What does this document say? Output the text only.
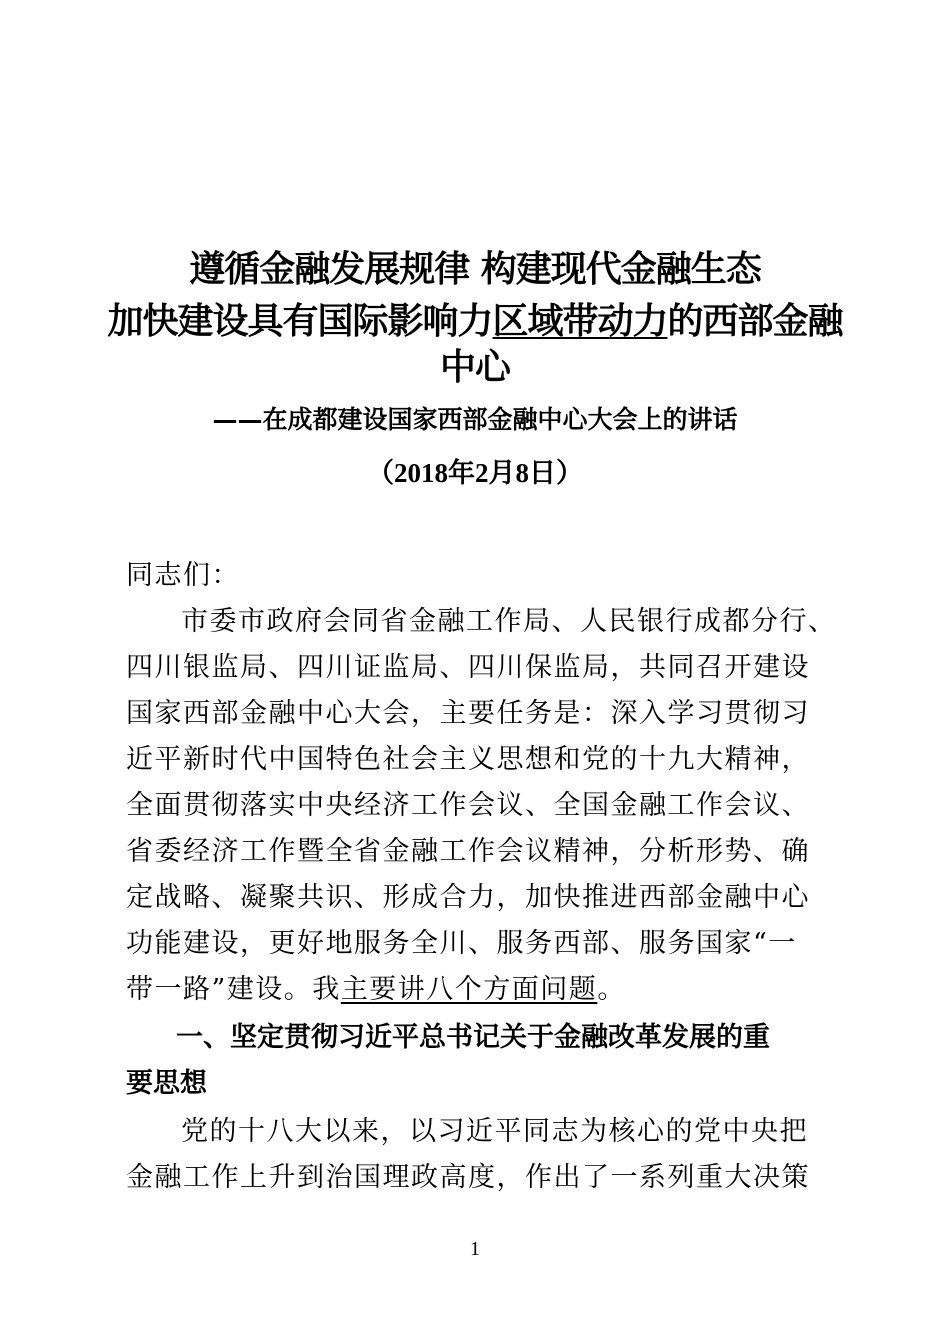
遵循金融发展规律 构建现代金融生态
加快建设具有国际影响力区域带动力的西部金融
中心
——在成都建设国家西部金融中心大会上的讲话
（2018年2月8日）
同志们：
市委市政府会同省金融工作局、人民银行成都分行、
四川银监局、四川证监局、四川保监局，共同召开建设
国家西部金融中心大会，主要任务是：深入学习贯彻习
近平新时代中国特色社会主义思想和党的十九大精神，
全面贯彻落实中央经济工作会议、全国金融工作会议、
省委经济工作暨全省金融工作会议精神，分析形势、确
定战略、凝聚共识、形成合力，加快推进西部金融中心
功能建设，更好地服务全川、服务西部、服务国家“一
带一路”建设。我主要讲八个方面问题。
一、坚定贯彻习近平总书记关于金融改革发展的重
要思想
党的十八大以来，以习近平同志为核心的党中央把
金融工作上升到治国理政高度，作出了一系列重大决策
1
